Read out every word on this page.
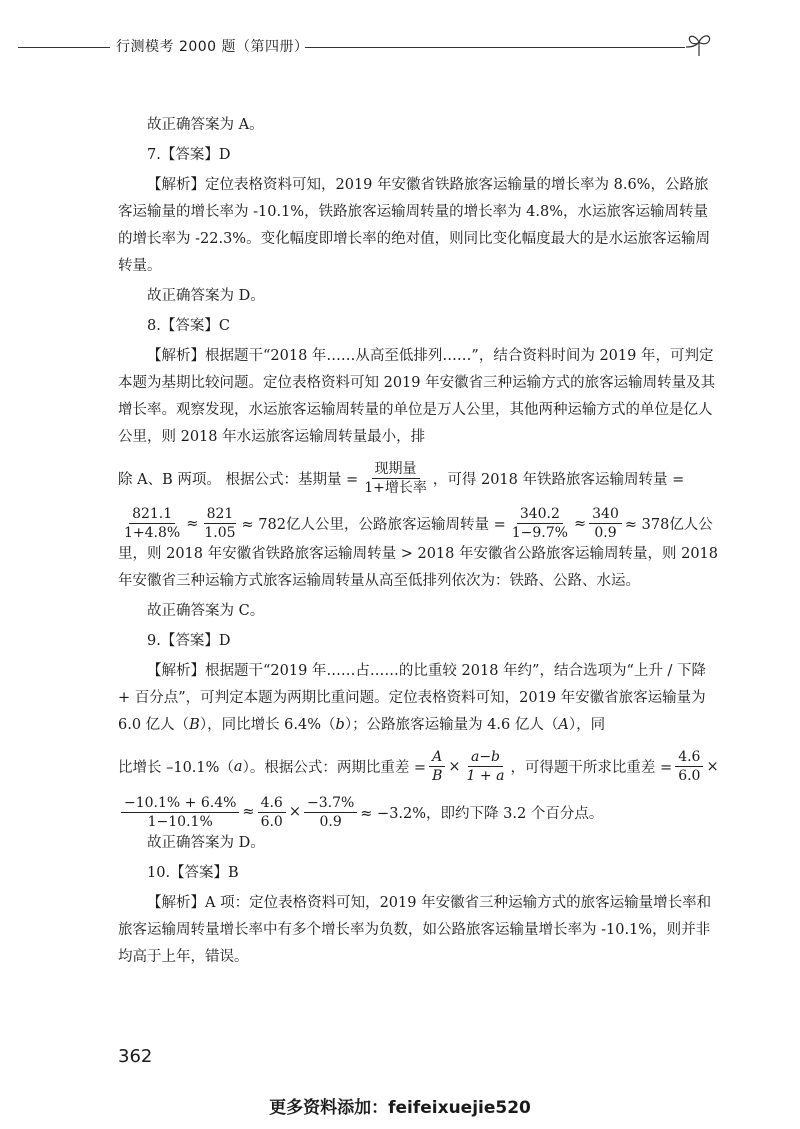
行测模考 2000 题（第四册）

故正确答案为 A。

7.【答案】D

【解析】定位表格资料可知，2019 年安徽省铁路旅客运输量的增长率为 8.6%，公路旅客运输量的增长率为 -10.1%，铁路旅客运输周转量的增长率为 4.8%，水运旅客运输周转量的增长率为 -22.3%。变化幅度即增长率的绝对值，则同比变化幅度最大的是水运旅客运输周转量。

故正确答案为 D。

8.【答案】C

【解析】根据题干“2018 年……从高至低排列……”，结合资料时间为 2019 年，可判定本题为基期比较问题。定位表格资料可知 2019 年安徽省三种运输方式的旅客运输周转量及其增长率。观察发现，水运旅客运输周转量的单位是万人公里，其他两种运输方式的单位是亿人公里，则 2018 年水运旅客运输周转量最小，排

除 A、B 两项。 根据公式：基期量 = $\frac{\text{现期量}}{\text{1+增长率}}$ ，可得 2018 年铁路旅客运输周转量 =
$\frac{821.1}{1+4.8\%} \approx \frac{821}{1.05} \approx 782$亿人公里，公路旅客运输周转量 = $\frac{340.2}{1-9.7\%} \approx \frac{340}{0.9} \approx 378$亿人公

里，则 2018 年安徽省铁路旅客运输周转量 > 2018 年安徽省公路旅客运输周转量，则 2018 年安徽省三种运输方式旅客运输周转量从高至低排列依次为：铁路、公路、水运。

故正确答案为 C。

9.【答案】D

【解析】根据题干“2019 年……占……的比重较 2018 年约”，结合选项为“上升 / 下降 + 百分点”，可判定本题为两期比重问题。定位表格资料可知，2019 年安徽省旅客运输量为 6.0 亿人（B），同比增长 6.4%（b）；公路旅客运输量为 4.6 亿人（A），同

比增长 –10.1%（ a ）。根据公式：两期比重差 = $\frac{A}{B} \times \frac{a-b}{1 + a}$ ，可得题干所求比重差 = $\frac{4.6}{6.0}$ ×
$\frac{-10.1\% + 6.4\%}{1-10.1\%} \approx \frac{4.6}{6.0} \times \frac{-3.7\%}{0.9} \approx -3.2\%$，即约下降 3.2 个百分点。

故正确答案为 D。

10.【答案】B

【解析】A 项：定位表格资料可知，2019 年安徽省三种运输方式的旅客运输量增长率和旅客运输周转量增长率中有多个增长率为负数，如公路旅客运输量增长率为 -10.1%，则并非均高于上年，错误。

362
更多资料添加：feifeixuejie520
